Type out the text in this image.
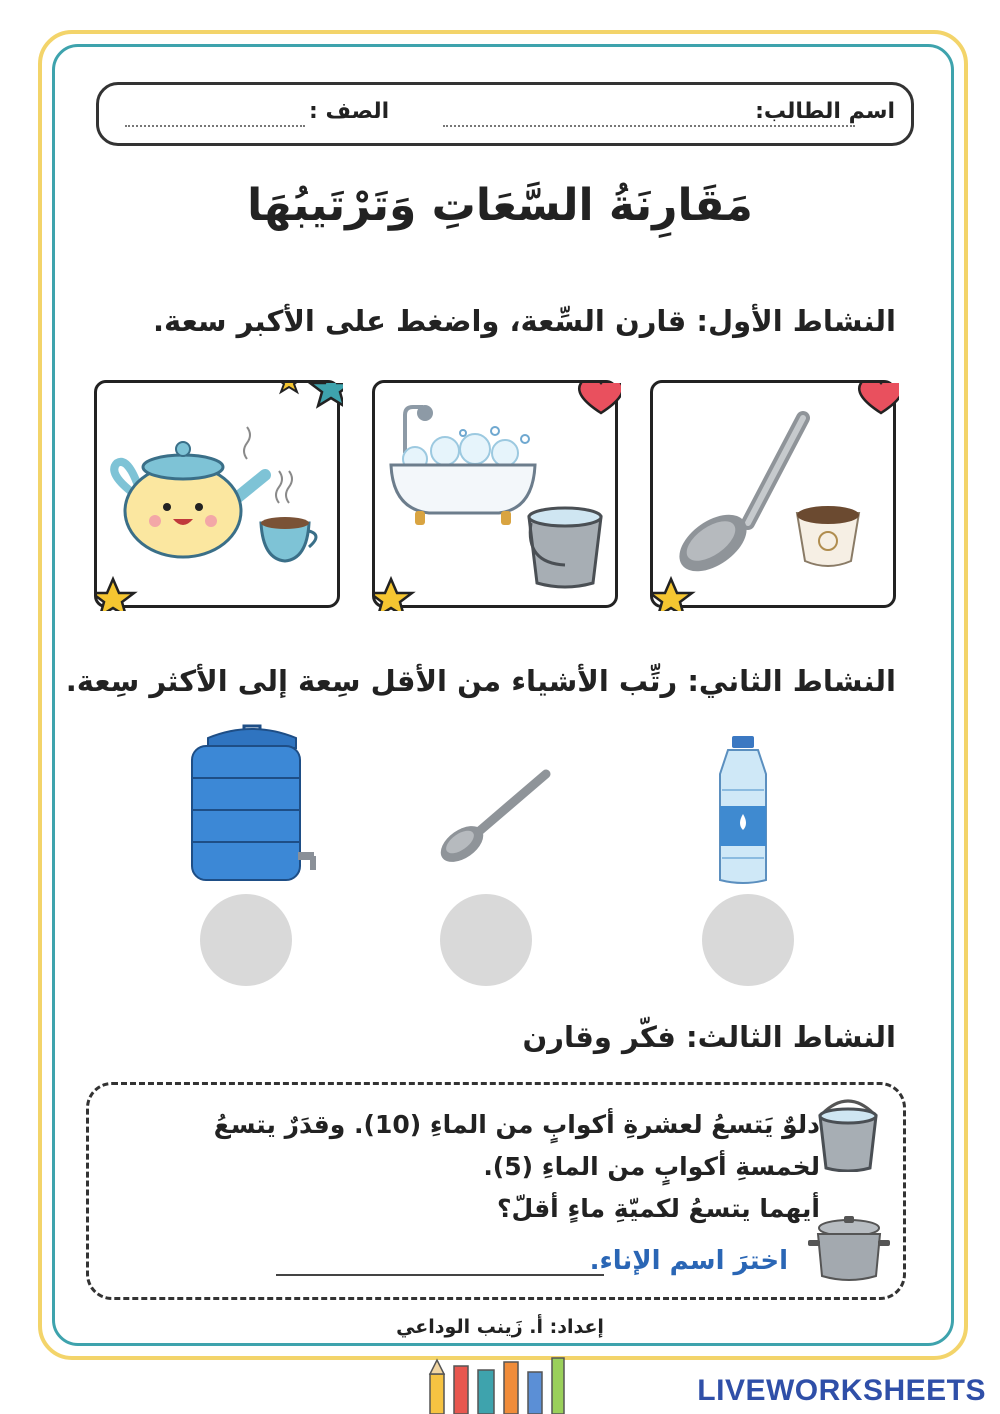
اسم الطالب:
الصف :
مَقَارِنَةُ السَّعَاتِ وَتَرْتَيبُهَا
النشاط الأول: قارن السِّعة، واضغط على الأكبر سعة.
النشاط الثاني: رتِّب الأشياء من الأقل سِعة إلى الأكثر سِعة.
النشاط الثالث: فكّر وقارن
دلوٌ يَتسعُ لعشرةِ أكوابٍ من الماءِ (10). وقدَرٌ يتسعُ
لخمسةِ أكوابٍ من الماءِ (5).
أيهما يتسعُ لكميّةِ ماءٍ أقلّ؟
اخترَ اسم الإناء.
إعداد: أ. زَينب الوداعي
LIVEWORKSHEETS
